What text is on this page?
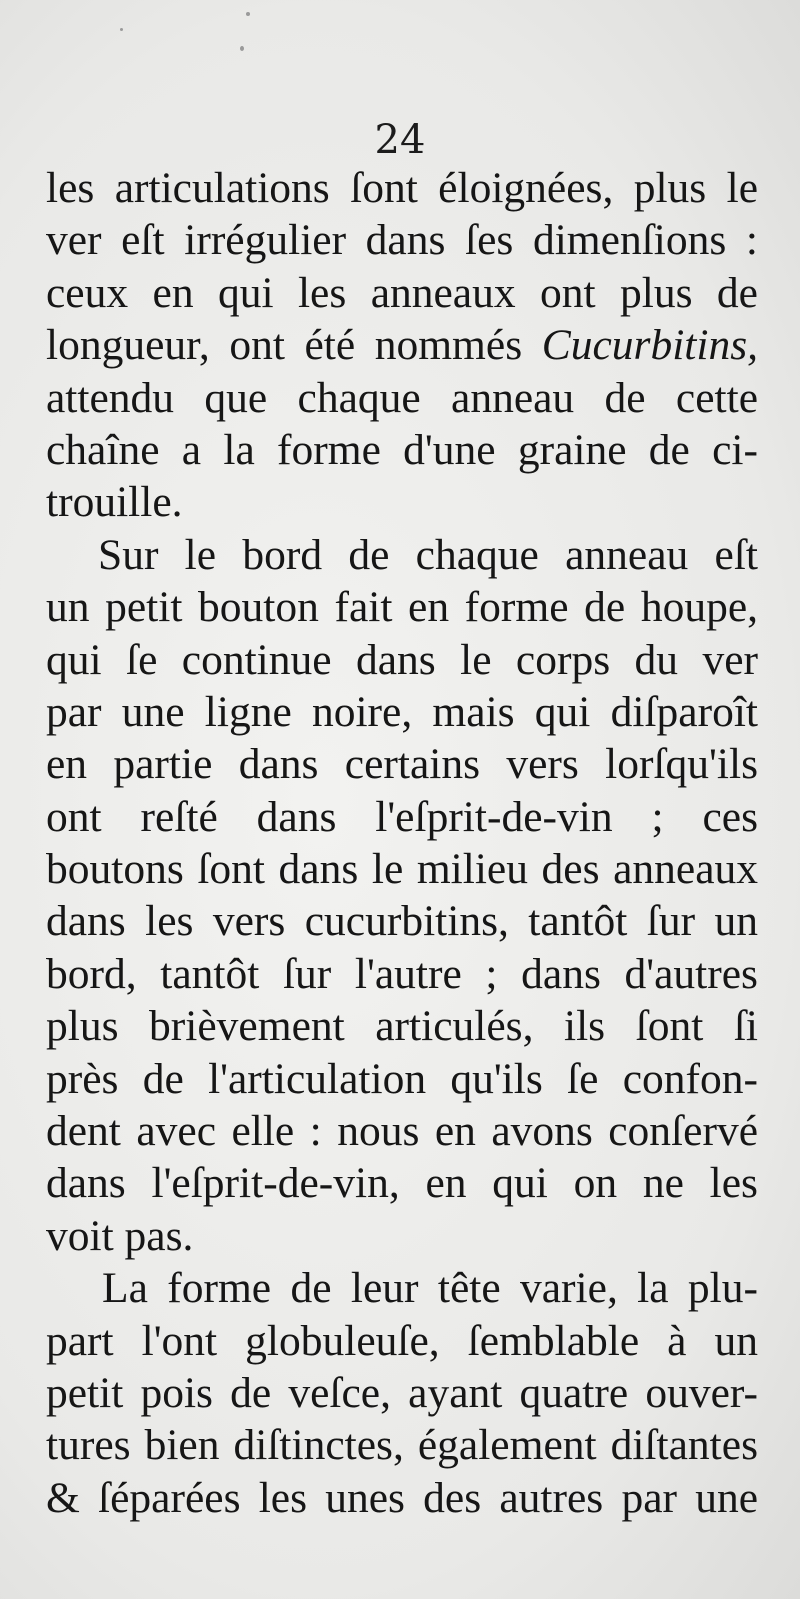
24
les articulations ſont éloignées, plus le
ver eſt irrégulier dans ſes dimenſions :
ceux en qui les anneaux ont plus de
longueur, ont été nommés Cucurbitins,
attendu que chaque anneau de cette
chaîne a la forme d'une graine de ci-
trouille.
Sur le bord de chaque anneau eſt
un petit bouton fait en forme de houpe,
qui ſe continue dans le corps du ver
par une ligne noire, mais qui diſparoît
en partie dans certains vers lorſqu'ils
ont reſté dans l'eſprit-de-vin ; ces
boutons ſont dans le milieu des anneaux
dans les vers cucurbitins, tantôt ſur un
bord, tantôt ſur l'autre ; dans d'autres
plus brièvement articulés, ils ſont ſi
près de l'articulation qu'ils ſe confon-
dent avec elle : nous en avons conſervé
dans l'eſprit-de-vin, en qui on ne les
voit pas.
La forme de leur tête varie, la plu-
part l'ont globuleuſe, ſemblable à un
petit pois de veſce, ayant quatre ouver-
tures bien diſtinctes, également diſtantes
& ſéparées les unes des autres par une
